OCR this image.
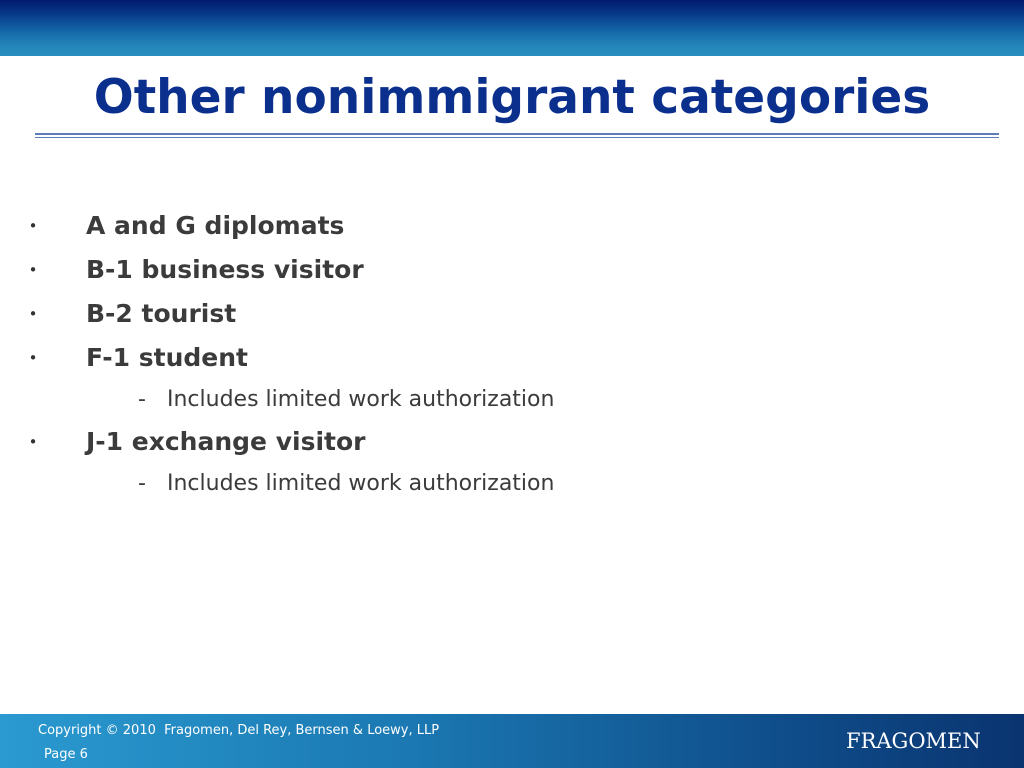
Other nonimmigrant categories
• A and G diplomats
• B-1 business visitor
• B-2 tourist
• F-1 student
- Includes limited work authorization
• J-1 exchange visitor
- Includes limited work authorization
Copyright © 2010  Fragomen, Del Rey, Bernsen & Loewy, LLP
Page 6
FRAGOMEN
